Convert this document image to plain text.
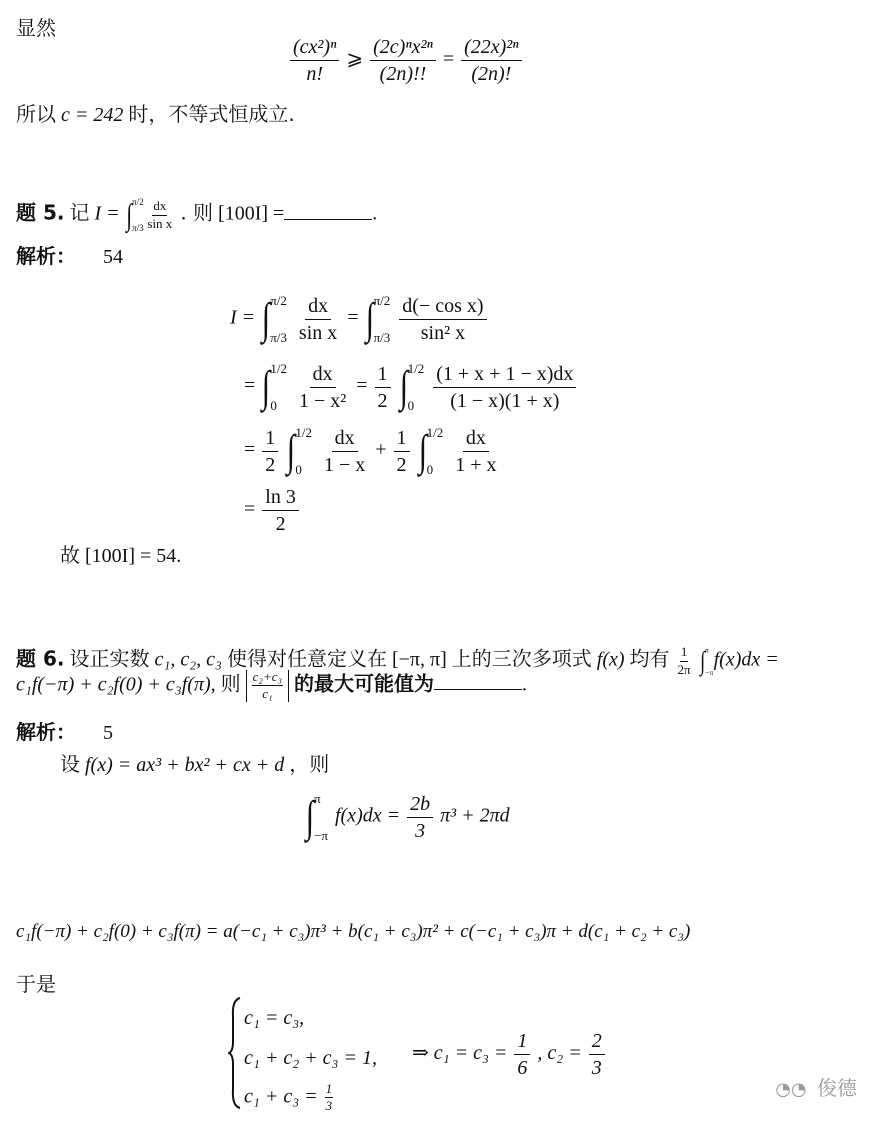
显然
$\frac{\text{(cx²)ⁿ}}{n!}$ ⩾ $\frac{\text{(2c)ⁿx²ⁿ}}{(2n)!!} = \frac{\text{(22x)²ⁿ}}{(2n)!}$
所以 c = 242 时，不等式恒成立.
题 5. 记 I = ∫ π/2
π/3
$\frac{dx}{\text{sin x}}$ . 则 [100I] =	.
解析： 54
I = ∫ π/2
π/3
$\frac{dx}{\text{sin x}}$ = ∫ π/2
π/3
$\frac{\text{d(− cos x)}}{\text{sin² x}}$
= ∫ 1/2
0
$\frac{dx}{\text{1 − x²}} = \frac{1}{2}$
∫ 1/2
0
$\frac{(1 + x + 1 - x)dx}{(1 - x)(1 + x)}$
= $\frac{1}{2}$
∫ 1/2
0
$\frac{dx}{1 - x} + \frac{1}{2}$
∫ 1/2
0
$\frac{dx}{1 + x}$
= $\frac{\ln 3}{2}$
故 [100I] = 54.
题 6. 设正实数 c₁, c₂, c₃ 使得对任意定义在 [−π, π] 上的三次多项式 f(x) 均有 $\frac{1}{2\pi}$
∫ π
−π
f(x)dx =
c₁f(−π) + c₂f(0) + c₃f(π), 则 $\frac{\text{c₂+c₃}}{\text{c₁}}$ 的最大可能值为	.
解析： 5
设 f(x) = ax³ + bx² + cx + d ，则
∫ π
−π
$f(x)dx = \frac{2b}{3} \pi^3 + 2\pi d$
c₁f(−π) + c₂f(0) + c₃f(π) = a(−c₁ + c₃)π³ + b(c₁ + c₃)π² + c(−c₁ + c₃)π + d(c₁ + c₂ + c₃)
于是
c₁ = c₃,
c₁ + c₂ + c₃ = 1,
$c_1 + c_3 = \frac{1}{3}$
⇒ $c_1 = c_3 = \frac{1}{6}$ , $c_2 = \frac{2}{3}$
◔◔ 俊德
